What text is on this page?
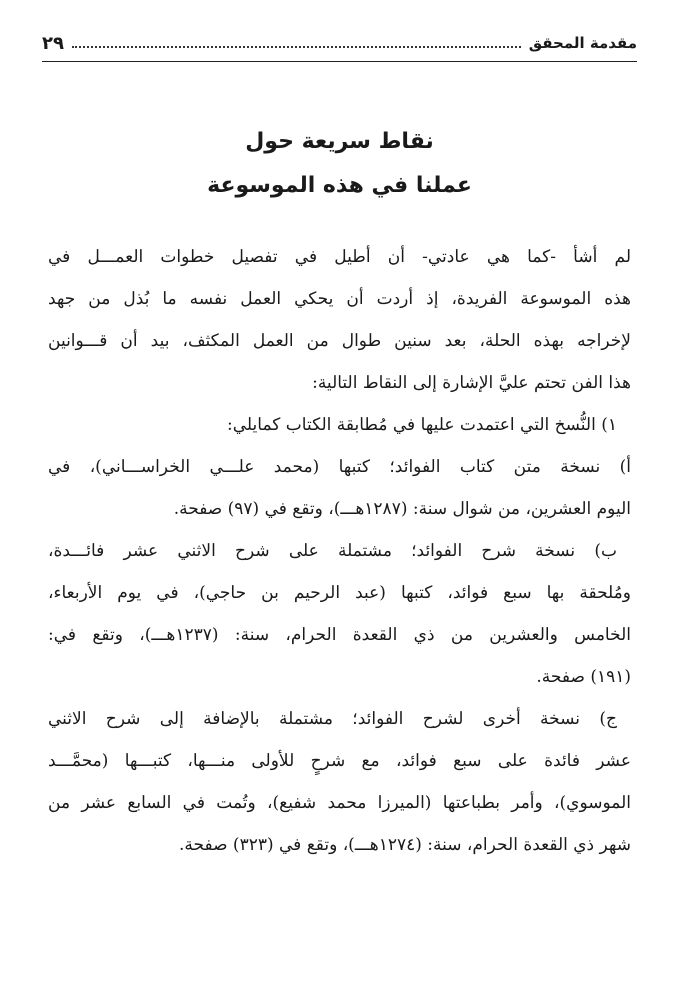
مقدمة المحقق
٢٩
نقاط سريعة حول
عملنا في هذه الموسوعة
لم أشأ -كما هي عادتي- أن أطيل في تفصيل خطوات العمـــل في
هذه الموسوعة الفريدة، إذ أردت أن يحكي العمل نفسه ما بُذل من جهد
لإخراجه بهذه الحلة، بعد سنين طوال من العمل المكثف، بيد أن قـــوانين
هذا الفن تحتم عليَّ الإشارة إلى النقاط التالية:
١) النُّسخ التي اعتمدت عليها في مُطابقة الكتاب كمايلي:
أ) نسخة متن كتاب الفوائد؛ كتبها (محمد علـــي الخراســـاني)، في
اليوم العشرين، من شوال سنة: (١٢٨٧هـــ)، وتقع في (٩٧) صفحة.
ب) نسخة شرح الفوائد؛ مشتملة على شرح الاثني عشر فائـــدة،
ومُلحقة بها سبع فوائد، كتبها (عبد الرحيم بن حاجي)، في يوم الأربعاء،
الخامس والعشرين من ذي القعدة الحرام، سنة: (١٢٣٧هـــ)، وتقع في:
(١٩١) صفحة.
ج) نسخة أخرى لشرح الفوائد؛ مشتملة بالإضافة إلى شرح الاثني
عشر فائدة على سبع فوائد، مع شرحٍ للأولى منـــها، كتبـــها (محمَّـــد
الموسوي)، وأمر بطباعتها (الميرزا محمد شفيع)، وتُمت في السابع عشر من
شهر ذي القعدة الحرام، سنة: (١٢٧٤هـــ)، وتقع في (٣٢٣) صفحة.
